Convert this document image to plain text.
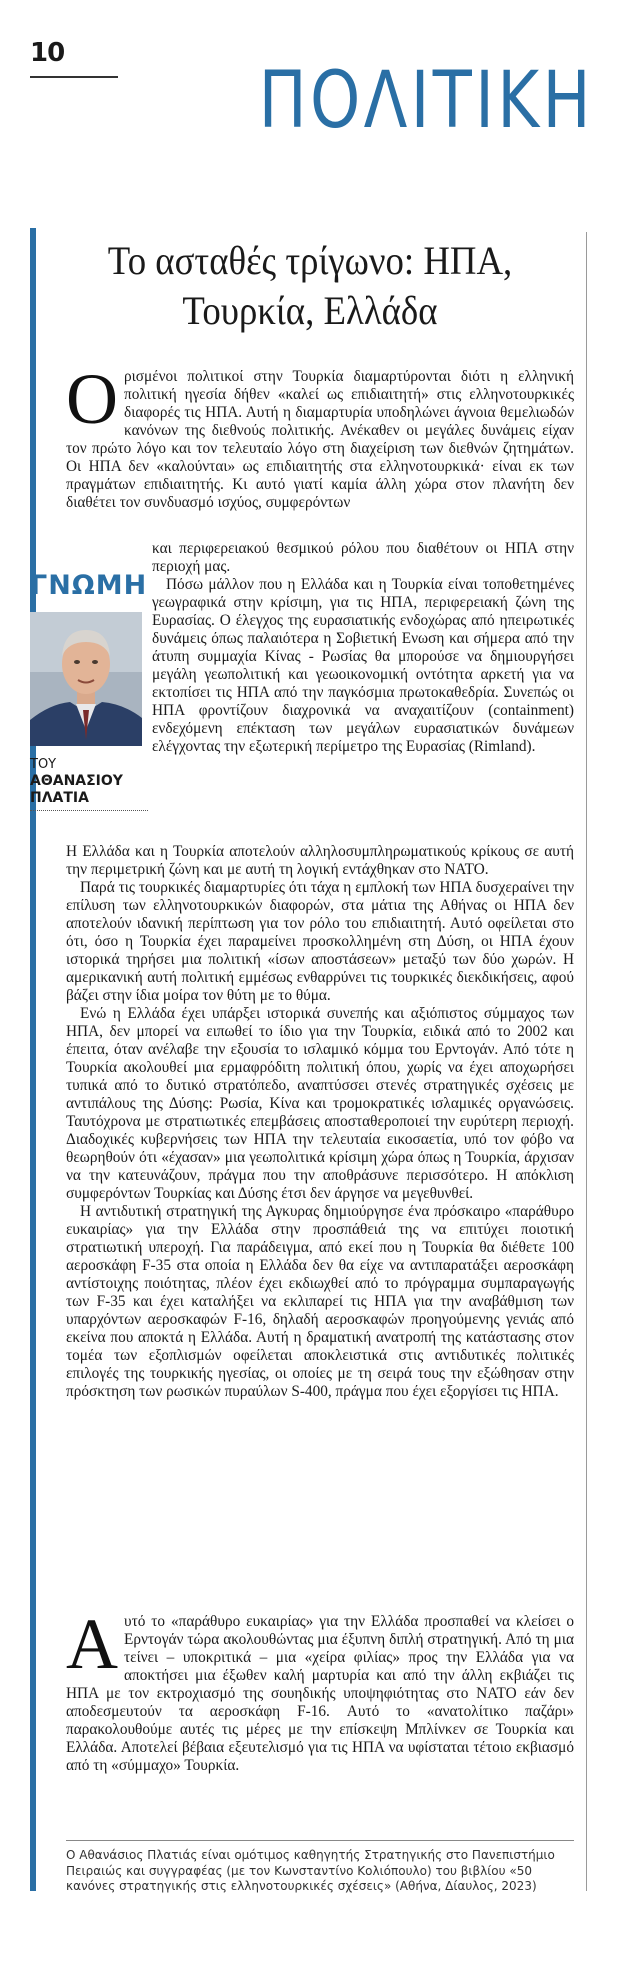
10
ΠΟΛΙΤΙΚΗ
Το ασταθές τρίγωνο: ΗΠΑ, Τουρκία, Ελλάδα

Ορισμένοι πολιτικοί στην Τουρκία διαμαρτύρονται διότι η ελληνική πολιτική ηγεσία δήθεν «καλεί ως επιδιαιτητή» στις ελληνοτουρκικές διαφορές τις ΗΠΑ. Αυτή η διαμαρτυρία υποδηλώνει άγνοια θεμελιωδών κανόνων της διεθνούς πολιτικής. Ανέκαθεν οι μεγάλες δυνάμεις είχαν τον πρώτο λόγο και τον τελευταίο λόγο στη διαχείριση των διεθνών ζητημάτων. Οι ΗΠΑ δεν «καλούνται» ως επιδιαιτητής στα ελληνοτουρκικά· είναι εκ των πραγμάτων επιδιαιτητής. Κι αυτό γιατί καμία άλλη χώρα στον πλανήτη δεν διαθέτει τον συνδυασμό ισχύος, συμφερόντων

ΓΝΩΜΗ
ΤΟΥ
ΑΘΑΝΑΣΙΟΥ
ΠΛΑΤΙΑ

και περιφερειακού θεσμικού ρόλου που διαθέτουν οι ΗΠΑ στην περιοχή μας.

Πόσω μάλλον που η Ελλάδα και η Τουρκία είναι τοποθετημένες γεωγραφικά στην κρίσιμη, για τις ΗΠΑ, περιφερειακή ζώνη της Ευρασίας. Ο έλεγχος της ευρασιατικής ενδοχώρας από ηπειρωτικές δυνάμεις όπως παλαιότερα η Σοβιετική Ενωση και σήμερα από την άτυπη συμμαχία Κίνας - Ρωσίας θα μπορούσε να δημιουργήσει μεγάλη γεωπολιτική και γεωοικονομική οντότητα αρκετή για να εκτοπίσει τις ΗΠΑ από την παγκόσμια πρωτοκαθεδρία. Συνεπώς οι ΗΠΑ φροντίζουν διαχρονικά να αναχαιτίζουν (containment) ενδεχόμενη επέκταση των μεγάλων ευρασιατικών δυνάμεων ελέγχοντας την εξωτερική περίμετρο της Ευρασίας (Rimland).

Η Ελλάδα και η Τουρκία αποτελούν αλληλοσυμπληρωματικούς κρίκους σε αυτή την περιμετρική ζώνη και με αυτή τη λογική εντάχθηκαν στο ΝΑΤΟ.

Παρά τις τουρκικές διαμαρτυρίες ότι τάχα η εμπλοκή των ΗΠΑ δυσχεραίνει την επίλυση των ελληνοτουρκικών διαφορών, στα μάτια της Αθήνας οι ΗΠΑ δεν αποτελούν ιδανική περίπτωση για τον ρόλο του επιδιαιτητή. Αυτό οφείλεται στο ότι, όσο η Τουρκία έχει παραμείνει προσκολλημένη στη Δύση, οι ΗΠΑ έχουν ιστορικά τηρήσει μια πολιτική «ίσων αποστάσεων» μεταξύ των δύο χωρών. Η αμερικανική αυτή πολιτική εμμέσως ενθαρρύνει τις τουρκικές διεκδικήσεις, αφού βάζει στην ίδια μοίρα τον θύτη με το θύμα.

Ενώ η Ελλάδα έχει υπάρξει ιστορικά συνεπής και αξιόπιστος σύμμαχος των ΗΠΑ, δεν μπορεί να ειπωθεί το ίδιο για την Τουρκία, ειδικά από το 2002 και έπειτα, όταν ανέλαβε την εξουσία το ισλαμικό κόμμα του Ερντογάν. Από τότε η Τουρκία ακολουθεί μια ερμαφρόδιτη πολιτική όπου, χωρίς να έχει αποχωρήσει τυπικά από το δυτικό στρατόπεδο, αναπτύσσει στενές στρατηγικές σχέσεις με αντιπάλους της Δύσης: Ρωσία, Κίνα και τρομοκρατικές ισλαμικές οργανώσεις. Ταυτόχρονα με στρατιωτικές επεμβάσεις αποσταθεροποιεί την ευρύτερη περιοχή. Διαδοχικές κυβερνήσεις των ΗΠΑ την τελευταία εικοσαετία, υπό τον φόβο να θεωρηθούν ότι «έχασαν» μια γεωπολιτικά κρίσιμη χώρα όπως η Τουρκία, άρχισαν να την κατευνάζουν, πράγμα που την αποθράσυνε περισσότερο. Η απόκλιση συμφερόντων Τουρκίας και Δύσης έτσι δεν άργησε να μεγεθυνθεί.

Η αντιδυτική στρατηγική της Αγκυρας δημιούργησε ένα πρόσκαιρο «παράθυρο ευκαιρίας» για την Ελλάδα στην προσπάθειά της να επιτύχει ποιοτική στρατιωτική υπεροχή. Για παράδειγμα, από εκεί που η Τουρκία θα διέθετε 100 αεροσκάφη F-35 στα οποία η Ελλάδα δεν θα είχε να αντιπαρατάξει αεροσκάφη αντίστοιχης ποιότητας, πλέον έχει εκδιωχθεί από το πρόγραμμα συμπαραγωγής των F-35 και έχει καταλήξει να εκλιπαρεί τις ΗΠΑ για την αναβάθμιση των υπαρχόντων αεροσκαφών F-16, δηλαδή αεροσκαφών προηγούμενης γενιάς από εκείνα που αποκτά η Ελλάδα. Αυτή η δραματική ανατροπή της κατάστασης στον τομέα των εξοπλισμών οφείλεται αποκλειστικά στις αντιδυτικές πολιτικές επιλογές της τουρκικής ηγεσίας, οι οποίες με τη σειρά τους την εξώθησαν στην πρόσκτηση των ρωσικών πυραύλων S-400, πράγμα που έχει εξοργίσει τις ΗΠΑ.

Αυτό το «παράθυρο ευκαιρίας» για την Ελλάδα προσπαθεί να κλείσει ο Ερντογάν τώρα ακολουθώντας μια έξυπνη διπλή στρατηγική. Από τη μια τείνει – υποκριτικά – μια «χείρα φιλίας» προς την Ελλάδα για να αποκτήσει μια έξωθεν καλή μαρτυρία και από την άλλη εκβιάζει τις ΗΠΑ με τον εκτροχιασμό της σουηδικής υποψηφιότητας στο ΝΑΤΟ εάν δεν αποδεσμευτούν τα αεροσκάφη F-16. Αυτό το «ανατολίτικο παζάρι» παρακολουθούμε αυτές τις μέρες με την επίσκεψη Μπλίνκεν σε Τουρκία και Ελλάδα. Αποτελεί βέβαια εξευτελισμό για τις ΗΠΑ να υφίσταται τέτοιο εκβιασμό από τη «σύμμαχο» Τουρκία.

Ο Αθανάσιος Πλατιάς είναι ομότιμος καθηγητής Στρατηγικής στο Πανεπιστήμιο Πειραιώς και συγγραφέας (με τον Κωνσταντίνο Κολιόπουλο) του βιβλίου «50 κανόνες στρατηγικής στις ελληνοτουρκικές σχέσεις» (Αθήνα, Δίαυλος, 2023)
